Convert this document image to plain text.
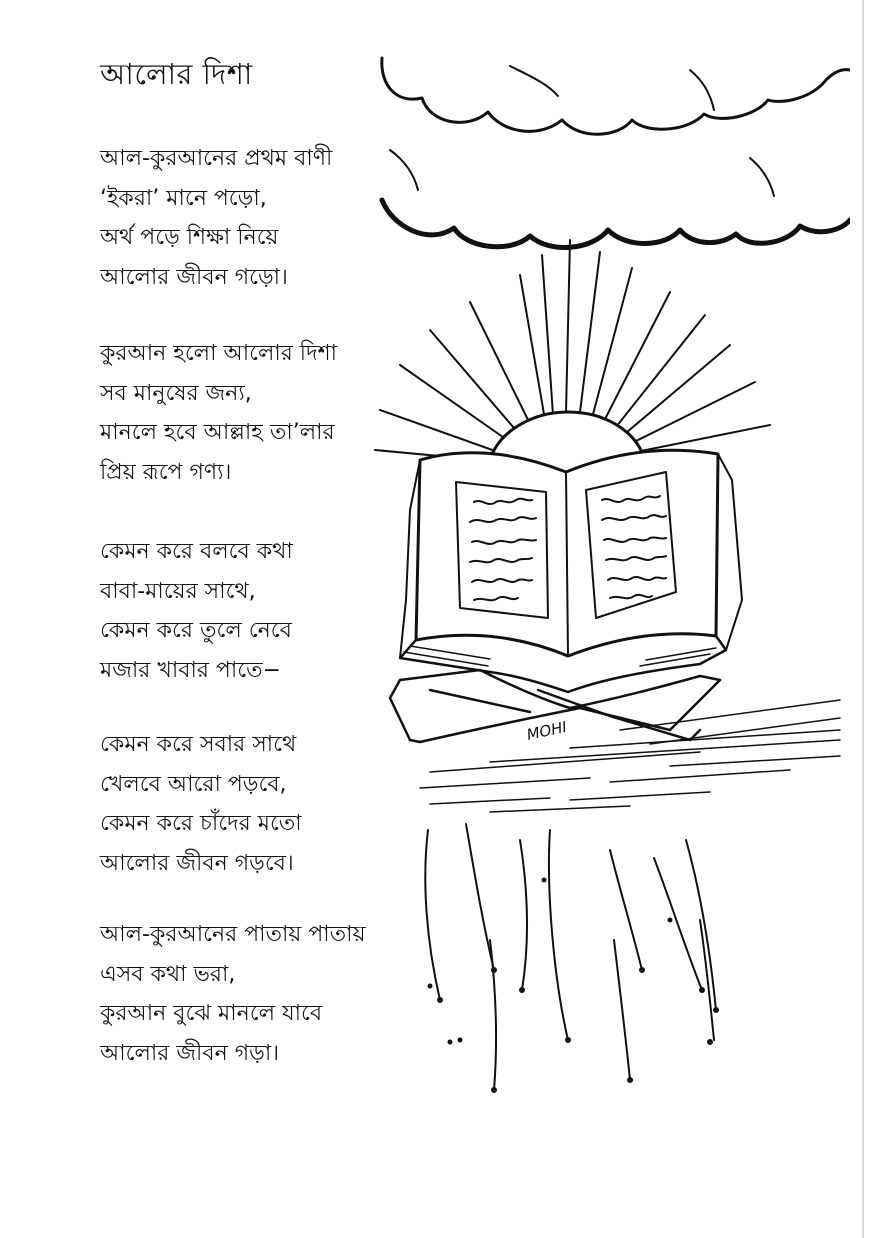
আলোর দিশা
আল-কুরআনের প্রথম বাণী
‘ইকরা’ মানে পড়ো,
অর্থ পড়ে শিক্ষা নিয়ে
আলোর জীবন গড়ো।
কুরআন হলো আলোর দিশা
সব মানুষের জন্য,
মানলে হবে আল্লাহ তা’লার
প্রিয় রূপে গণ্য।
কেমন করে বলবে কথা
বাবা-মায়ের সাথে,
কেমন করে তুলে নেবে
মজার খাবার পাতে−
কেমন করে সবার সাথে
খেলবে আরো পড়বে,
কেমন করে চাঁদের মতো
আলোর জীবন গড়বে।
আল-কুরআনের পাতায় পাতায়
এসব কথা ভরা,
কুরআন বুঝে মানলে যাবে
আলোর জীবন গড়া।
MOHI
